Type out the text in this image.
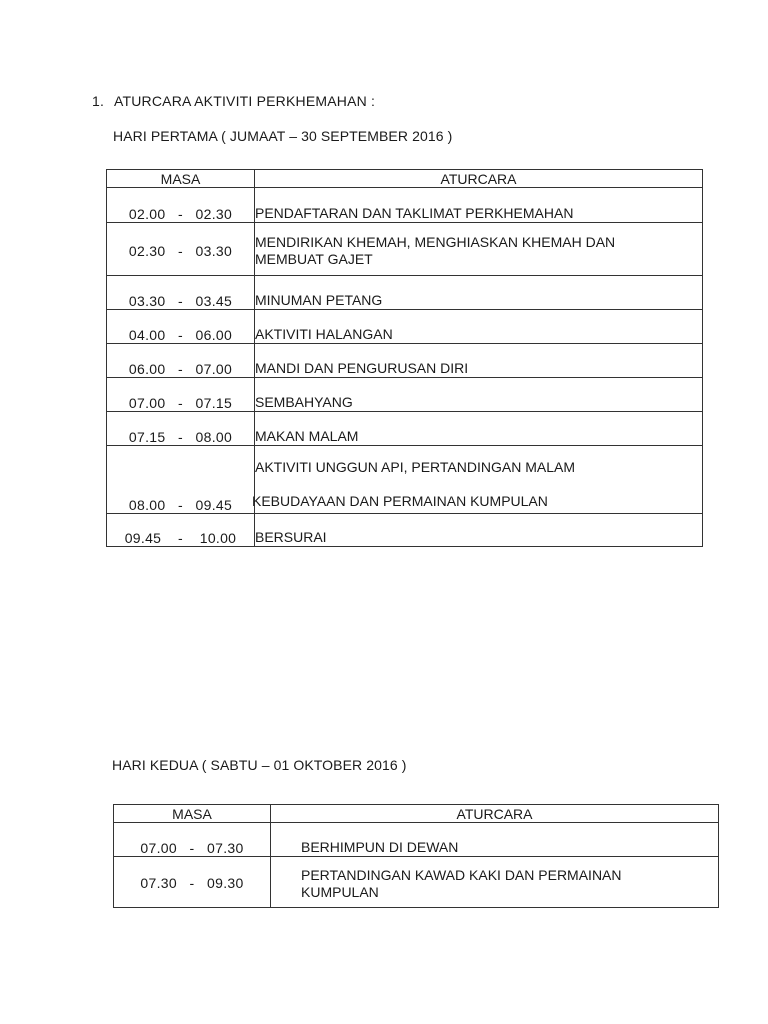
1. ATURCARA AKTIVITI PERKHEMAHAN :
HARI PERTAMA ( JUMAAT – 30 SEPTEMBER 2016 )
MASA	ATURCARA
02.00   -   02.30	PENDAFTARAN DAN TAKLIMAT PERKHEMAHAN
02.30   -   03.30	MENDIRIKAN KHEMAH, MENGHIASKAN KHEMAH DAN MEMBUAT GAJET
03.30   -   03.45	MINUMAN PETANG
04.00   -   06.00	AKTIVITI HALANGAN
06.00   -   07.00	MANDI DAN PENGURUSAN DIRI
07.00   -   07.15	SEMBAHYANG
07.15   -   08.00	MAKAN MALAM
08.00   -   09.45	AKTIVITI UNGGUN API, PERTANDINGAN MALAM
KEBUDAYAAN DAN PERMAINAN KUMPULAN

09.45    -    10.00	BERSURAI
HARI KEDUA ( SABTU – 01 OKTOBER 2016 )
MASA	ATURCARA
07.00   -   07.30	BERHIMPUN DI DEWAN
07.30   -   09.30	PERTANDINGAN KAWAD KAKI DAN PERMAINAN KUMPULAN
